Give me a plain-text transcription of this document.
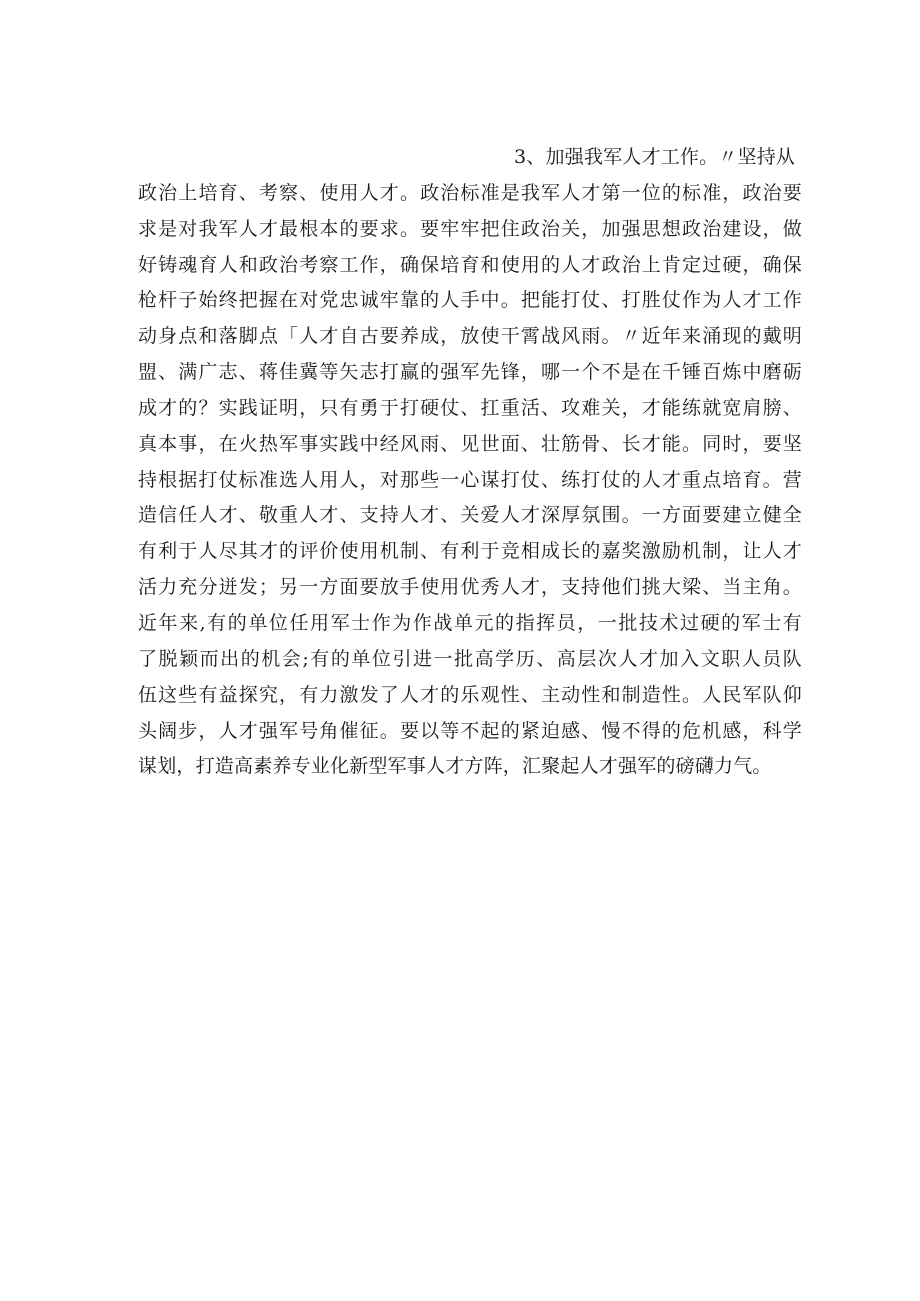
3、加强我军人才工作。〃坚持从
政治上培育、考察、使用人才。政治标准是我军人才第一位的标准，政治要
求是对我军人才最根本的要求。要牢牢把住政治关，加强思想政治建设，做
好铸魂育人和政治考察工作，确保培育和使用的人才政治上肯定过硬，确保
枪杆子始终把握在对党忠诚牢靠的人手中。把能打仗、打胜仗作为人才工作
动身点和落脚点「人才自古要养成，放使干霄战风雨。〃近年来涌现的戴明
盟、满广志、蒋佳冀等矢志打赢的强军先锋，哪一个不是在千锤百炼中磨砺
成才的？实践证明，只有勇于打硬仗、扛重活、攻难关，才能练就宽肩膀、
真本事，在火热军事实践中经风雨、见世面、壮筋骨、长才能。同时，要坚
持根据打仗标准选人用人，对那些一心谋打仗、练打仗的人才重点培育。营
造信任人才、敬重人才、支持人才、关爱人才深厚氛围。一方面要建立健全
有利于人尽其才的评价使用机制、有利于竞相成长的嘉奖激励机制，让人才
活力充分迸发；另一方面要放手使用优秀人才，支持他们挑大梁、当主角。
近年来,有的单位任用军士作为作战单元的指挥员，一批技术过硬的军士有
了脱颖而出的机会;有的单位引进一批高学历、高层次人才加入文职人员队
伍这些有益探究，有力激发了人才的乐观性、主动性和制造性。人民军队仰
头阔步，人才强军号角催征。要以等不起的紧迫感、慢不得的危机感，科学
谋划，打造高素养专业化新型军事人才方阵，汇聚起人才强军的磅礴力气。
